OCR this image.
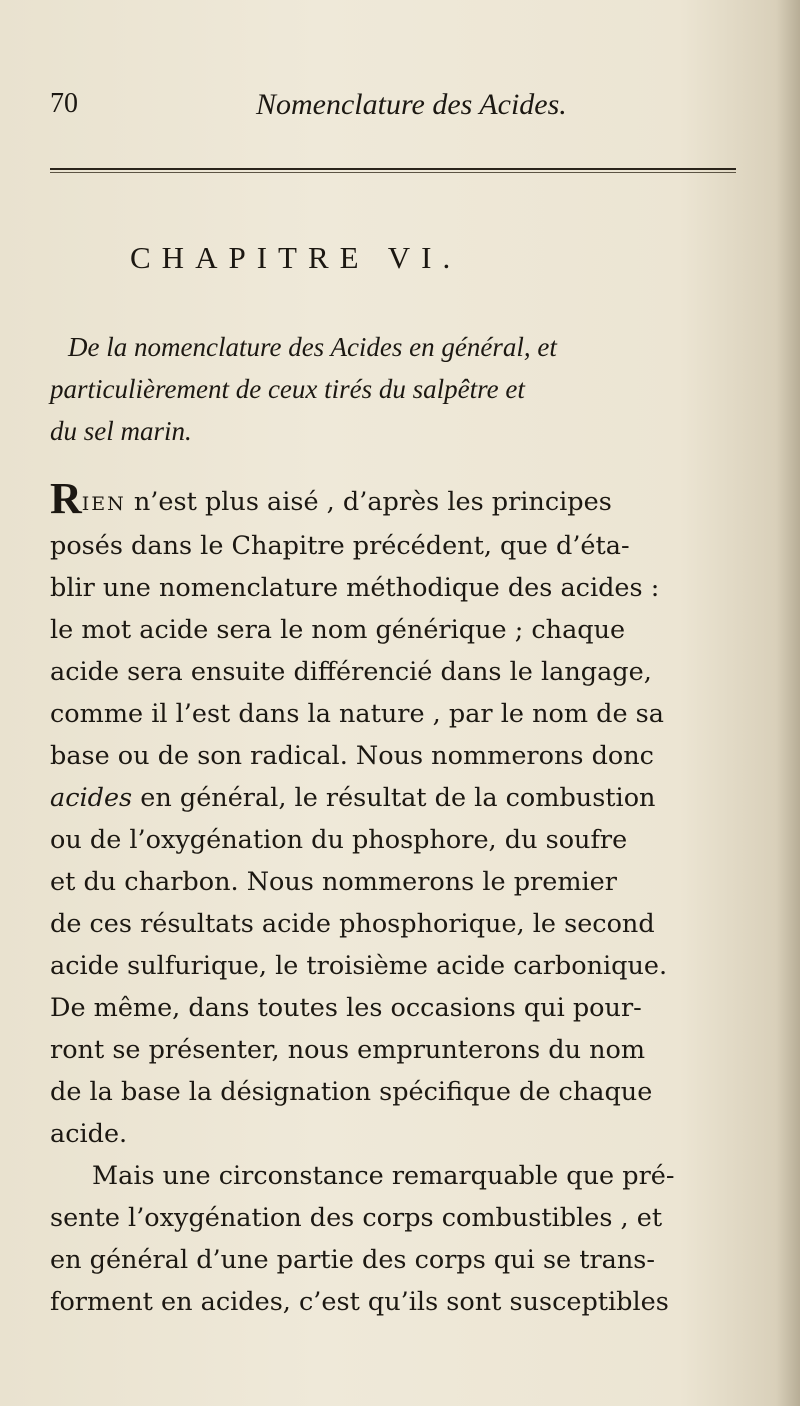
70	Nomenclature des Acides.
CHAPITRE VI.
De la nomenclature des Acides en général, et
particulièrement de ceux tirés du salpêtre et
du sel marin.
RIEN n’est plus aisé , d’après les principes
posés dans le Chapitre précédent, que d’éta-
blir une nomenclature méthodique des acides :
le mot acide sera le nom générique ; chaque
acide sera ensuite différencié dans le langage,
comme il l’est dans la nature , par le nom de sa
base ou de son radical. Nous nommerons donc
acides en général, le résultat de la combustion
ou de l’oxygénation du phosphore, du soufre
et du charbon. Nous nommerons le premier
de ces résultats acide phosphorique, le second
acide sulfurique, le troisième acide carbonique.
De même, dans toutes les occasions qui pour-
ront se présenter, nous emprunterons du nom
de la base la désignation spécifique de chaque
acide.
Mais une circonstance remarquable que pré-
sente l’oxygénation des corps combustibles , et
en général d’une partie des corps qui se trans-
forment en acides, c’est qu’ils sont susceptibles
